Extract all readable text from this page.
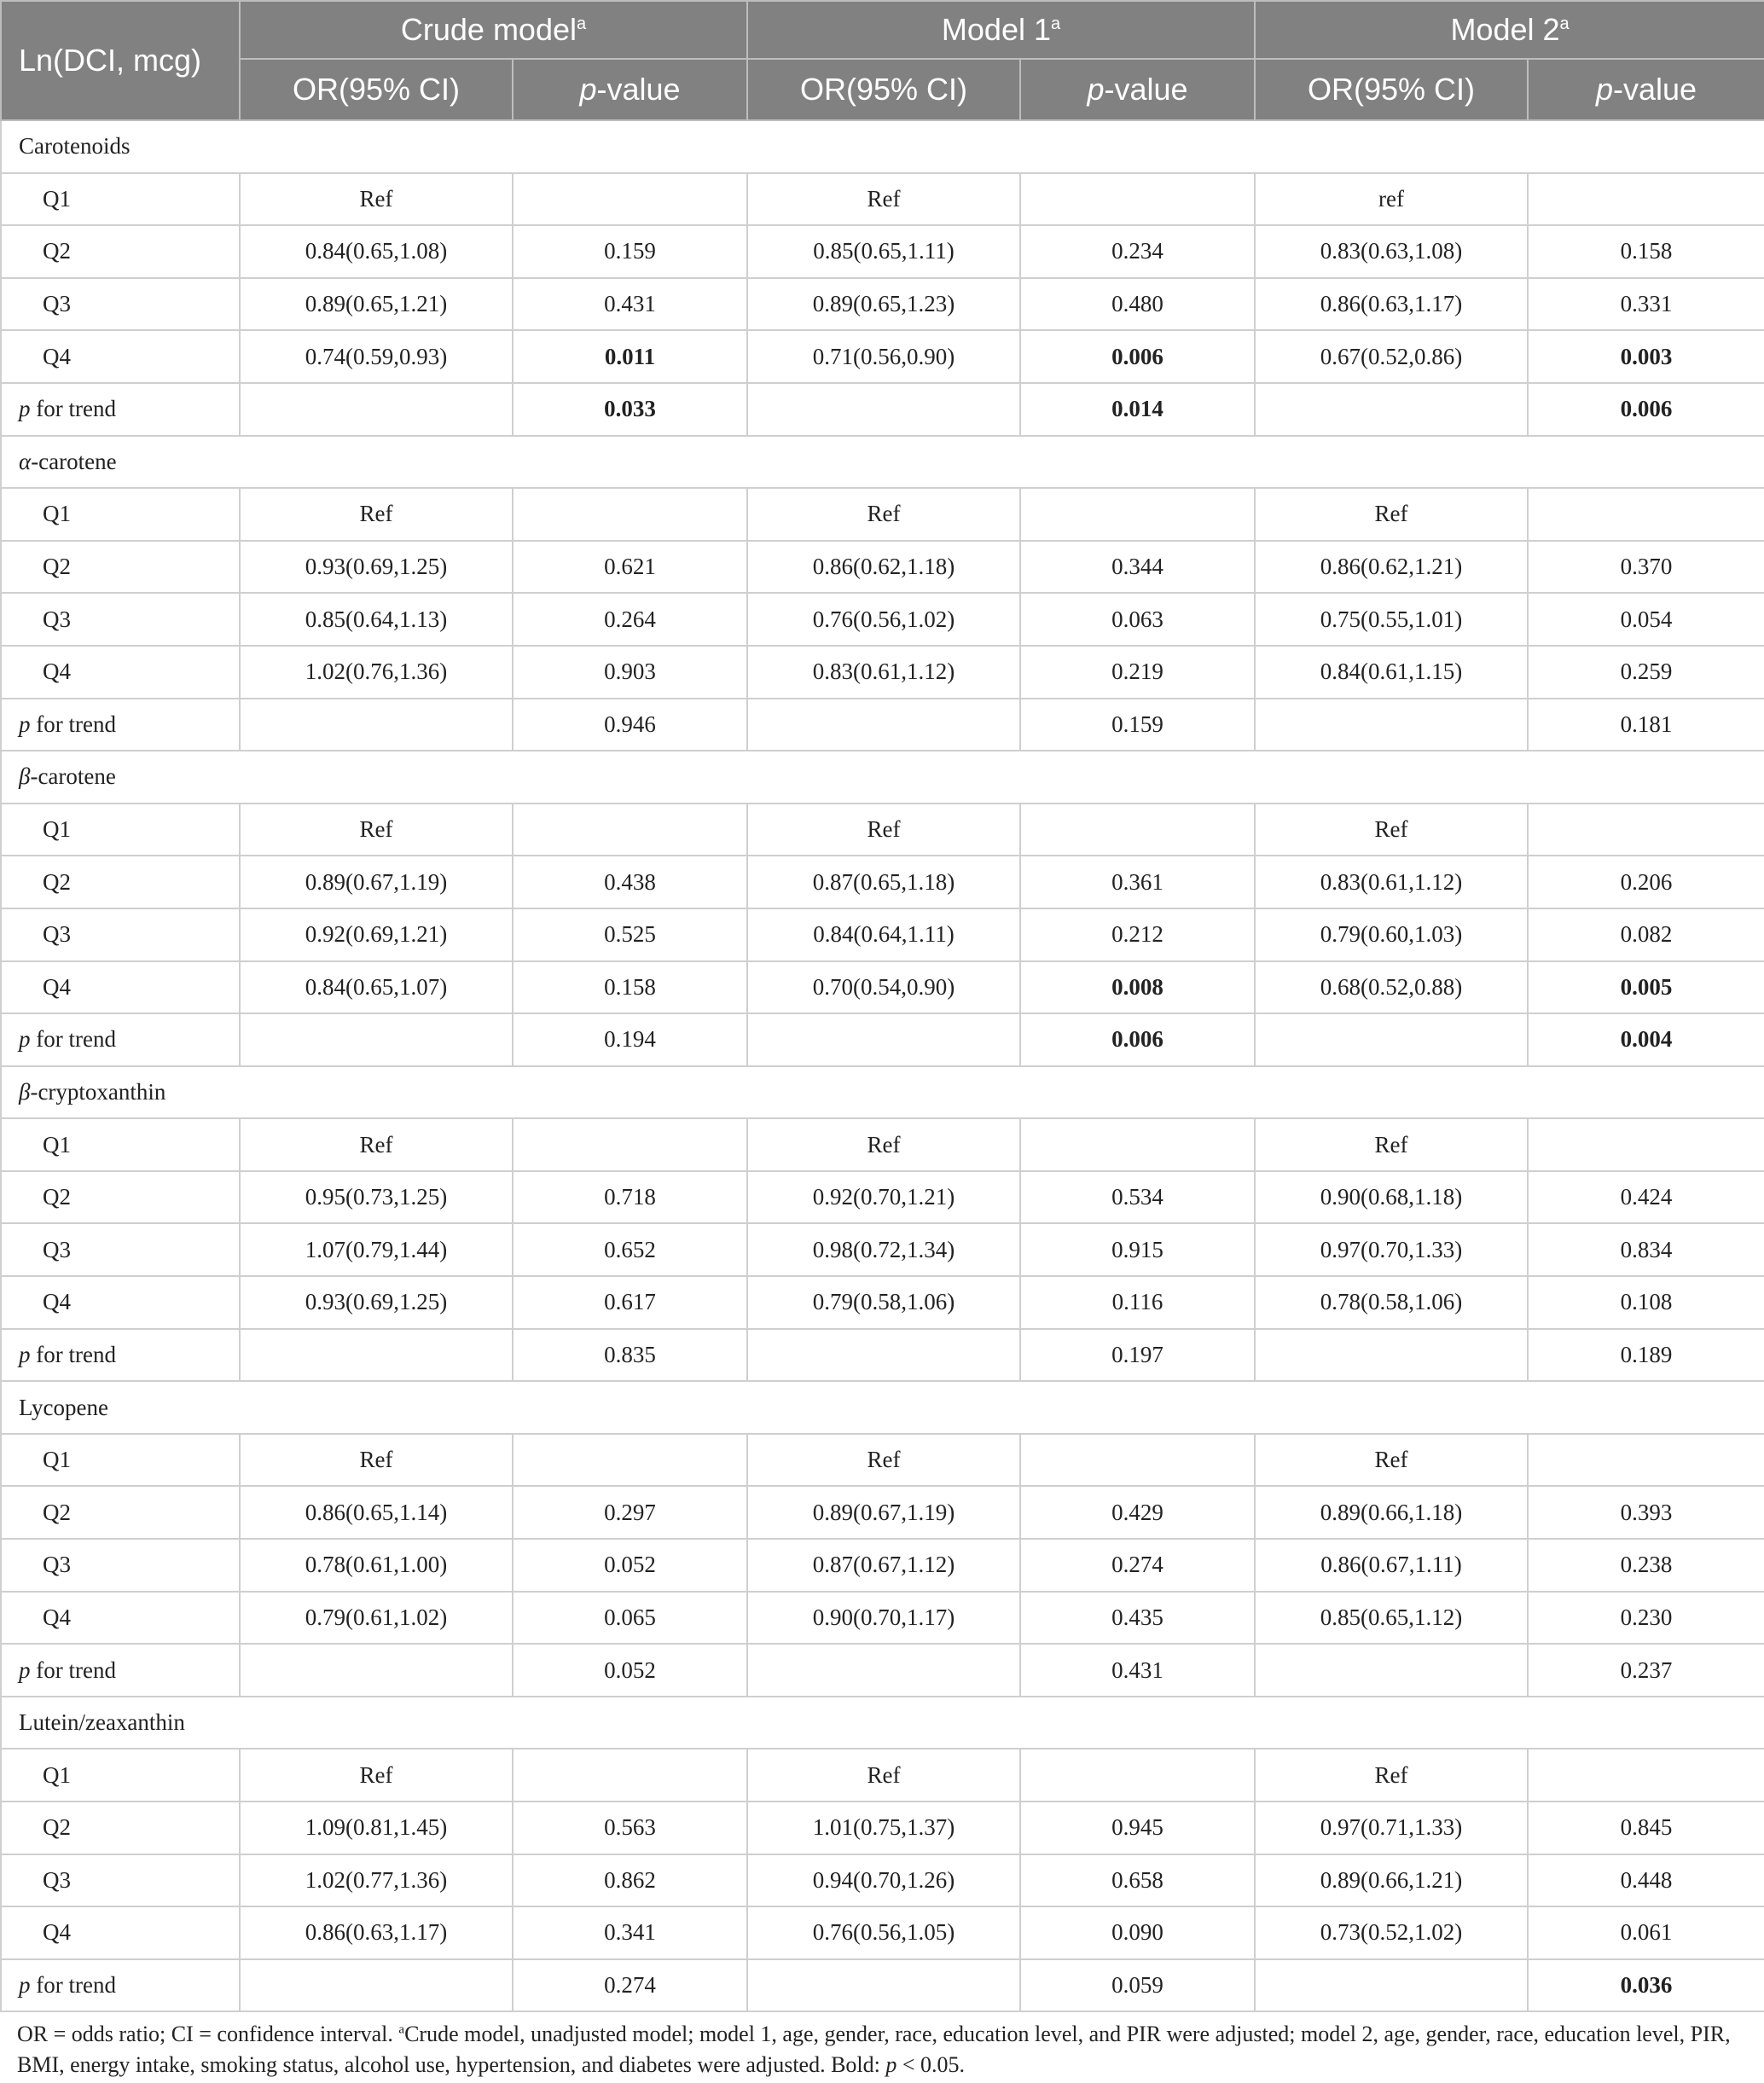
Ln(DCI, mcg)	Crude model$^a$		Model 1$^a$		Model 2$^a$
	OR(95% CI)	p-value	OR(95% CI)	p-value	OR(95% CI)	p-value
Carotenoids						
Q1	Ref		Ref		ref	
Q2	0.84(0.65,1.08)	0.159	0.85(0.65,1.11)	0.234	0.83(0.63,1.08)	0.158
Q3	0.89(0.65,1.21)	0.431	0.89(0.65,1.23)	0.480	0.86(0.63,1.17)	0.331
Q4	0.74(0.59,0.93)	0.011	0.71(0.56,0.90)	0.006	0.67(0.52,0.86)	0.003
p for trend		0.033		0.014		0.006
α-carotene						
Q1	Ref		Ref		Ref	
Q2	0.93(0.69,1.25)	0.621	0.86(0.62,1.18)	0.344	0.86(0.62,1.21)	0.370
Q3	0.85(0.64,1.13)	0.264	0.76(0.56,1.02)	0.063	0.75(0.55,1.01)	0.054
Q4	1.02(0.76,1.36)	0.903	0.83(0.61,1.12)	0.219	0.84(0.61,1.15)	0.259
p for trend		0.946		0.159		0.181
β-carotene						
Q1	Ref		Ref		Ref	
Q2	0.89(0.67,1.19)	0.438	0.87(0.65,1.18)	0.361	0.83(0.61,1.12)	0.206
Q3	0.92(0.69,1.21)	0.525	0.84(0.64,1.11)	0.212	0.79(0.60,1.03)	0.082
Q4	0.84(0.65,1.07)	0.158	0.70(0.54,0.90)	0.008	0.68(0.52,0.88)	0.005
p for trend		0.194		0.006		0.004
β-cryptoxanthin						
Q1	Ref		Ref		Ref	
Q2	0.95(0.73,1.25)	0.718	0.92(0.70,1.21)	0.534	0.90(0.68,1.18)	0.424
Q3	1.07(0.79,1.44)	0.652	0.98(0.72,1.34)	0.915	0.97(0.70,1.33)	0.834
Q4	0.93(0.69,1.25)	0.617	0.79(0.58,1.06)	0.116	0.78(0.58,1.06)	0.108
p for trend		0.835		0.197		0.189
Lycopene						
Q1	Ref		Ref		Ref	
Q2	0.86(0.65,1.14)	0.297	0.89(0.67,1.19)	0.429	0.89(0.66,1.18)	0.393
Q3	0.78(0.61,1.00)	0.052	0.87(0.67,1.12)	0.274	0.86(0.67,1.11)	0.238
Q4	0.79(0.61,1.02)	0.065	0.90(0.70,1.17)	0.435	0.85(0.65,1.12)	0.230
p for trend		0.052		0.431		0.237
Lutein/zeaxanthin						
Q1	Ref		Ref		Ref	
Q2	1.09(0.81,1.45)	0.563	1.01(0.75,1.37)	0.945	0.97(0.71,1.33)	0.845
Q3	1.02(0.77,1.36)	0.862	0.94(0.70,1.26)	0.658	0.89(0.66,1.21)	0.448
Q4	0.86(0.63,1.17)	0.341	0.76(0.56,1.05)	0.090	0.73(0.52,1.02)	0.061
p for trend		0.274		0.059		0.036

OR = odds ratio; CI = confidence interval. $^a$Crude model, unadjusted model; model 1, age, gender, race, education level, and PIR were adjusted; model 2, age, gender, race, education level, PIR, BMI, energy intake, smoking status, alcohol use, hypertension, and diabetes were adjusted. Bold: p < 0.05.
